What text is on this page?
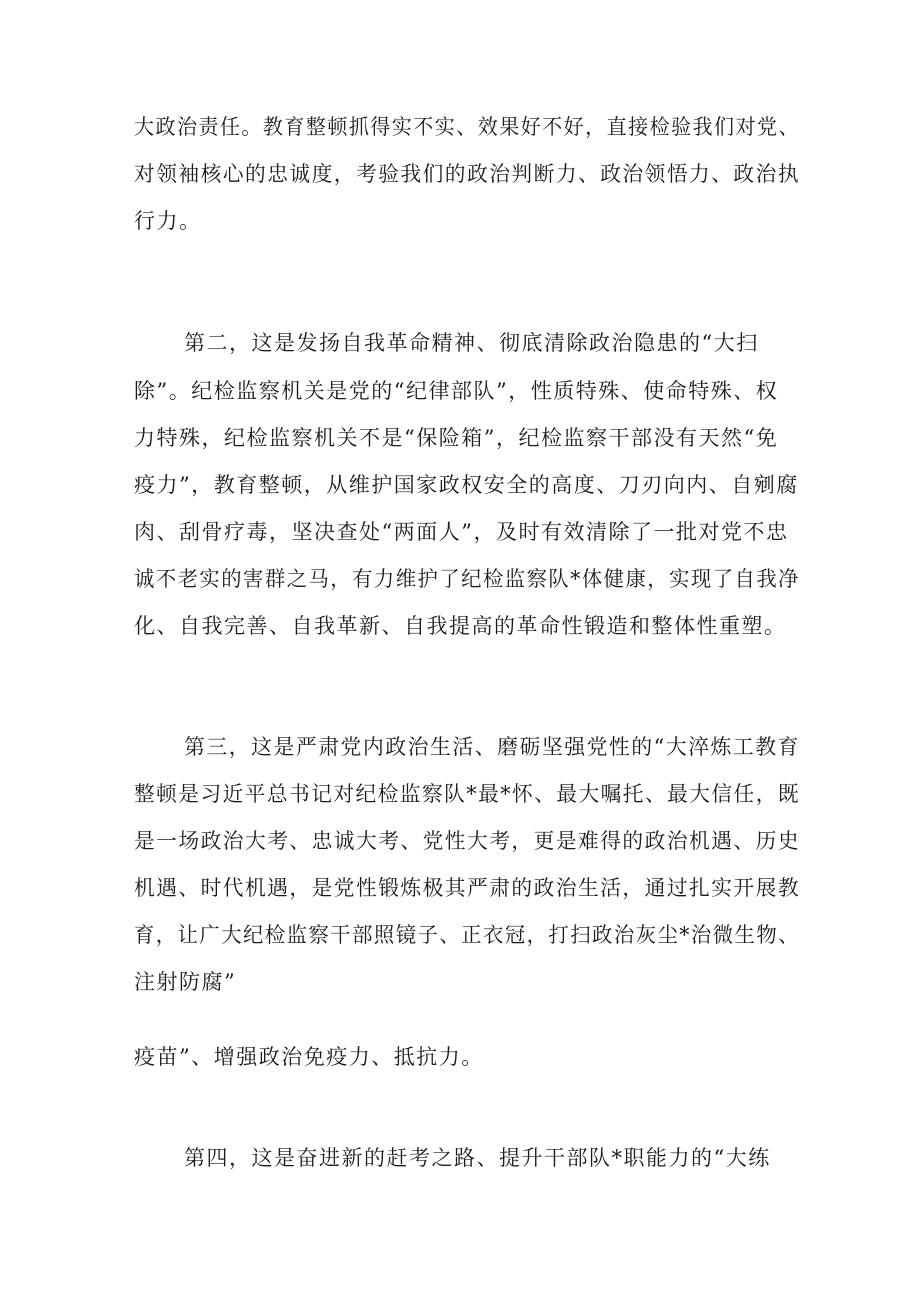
大政治责任。教育整顿抓得实不实、效果好不好，直接检验我们对党、
对领袖核心的忠诚度，考验我们的政治判断力、政治领悟力、政治执
行力。
第二，这是发扬自我革命精神、彻底清除政治隐患的“大扫
除”。纪检监察机关是党的“纪律部队”，性质特殊、使命特殊、权
力特殊，纪检监察机关不是“保险箱”，纪检监察干部没有天然“免
疫力”，教育整顿，从维护国家政权安全的高度、刀刃向内、自剜腐
肉、刮骨疗毒，坚决查处“两面人”，及时有效清除了一批对党不忠
诚不老实的害群之马，有力维护了纪检监察队*体健康，实现了自我净
化、自我完善、自我革新、自我提高的革命性锻造和整体性重塑。
第三，这是严肃党内政治生活、磨砺坚强党性的“大淬炼工教育
整顿是习近平总书记对纪检监察队*最*怀、最大嘱托、最大信任，既
是一场政治大考、忠诚大考、党性大考，更是难得的政治机遇、历史
机遇、时代机遇，是党性锻炼极其严肃的政治生活，通过扎实开展教
育，让广大纪检监察干部照镜子、正衣冠，打扫政治灰尘*治微生物、
注射防腐”
疫苗”、增强政治免疫力、抵抗力。
第四，这是奋进新的赶考之路、提升干部队*职能力的“大练
